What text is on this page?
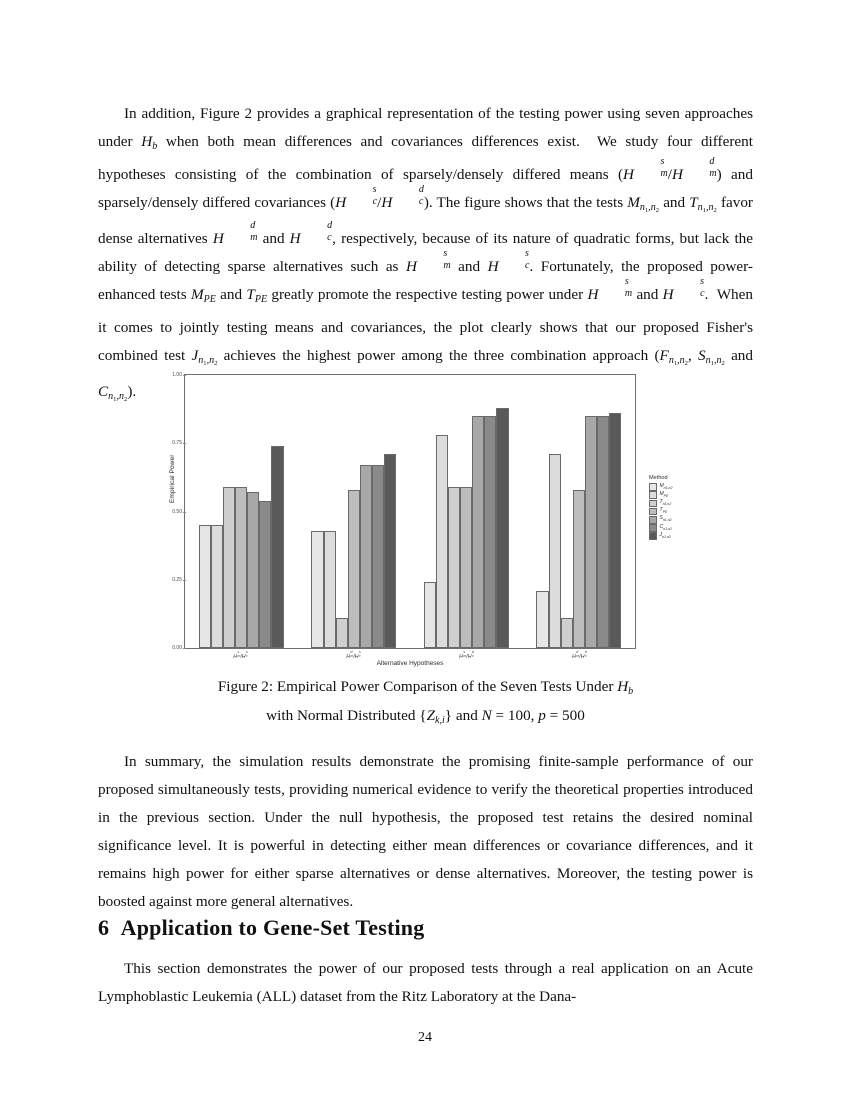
In addition, Figure 2 provides a graphical representation of the testing power using seven approaches under $H_b$ when both mean differences and covariances differences exist.  We study four different hypotheses consisting of the combination of sparsely/densely differed means (H
s
m /H
d
m ) and sparsely/densely differed covariances (H
s
c /H
d
c ). The figure shows that the tests $M_{n_1,n_2}$ and $T_{n_1,n_2}$ favor dense alternatives H
d
m and H
d
c , respectively, because of its nature of quadratic forms, but lack the ability of detecting sparse alternatives such as H
s
m and H
s
c . Fortunately, the proposed power-enhanced tests $M_{PE}$ and $T_{PE}$ greatly promote the respective testing power under H
s
m and H
s
c .  When it comes to jointly testing means and covariances, the plot clearly shows that our proposed Fisher's combined test $J_{n_1,n_2}$ achieves the highest power among the three combination approach ($F_{n_1,n_2}$, $S_{n_1,n_2}$ and $C_{n_1,n_2}$).

Empirical Power
0.00
0.25
0.50
0.75
1.00
H
s
m /H
s
c	H
d
m /H
s
c	H
s
m /H
d
c	H
d
m /H
d
c
Alternative Hypotheses
Method
$M_{n1,n2}$
$M_{PE}$
$T_{n1,n2}$
$T_{PE}$
$S_{n1,n2}$
$C_{n1,n2}$
$J_{n1,n2}$
Figure 2: Empirical Power Comparison of the Seven Tests Under $H_b$
with Normal Distributed $\{Z_{k,i}\}$ and N = 100, p = 500

In summary, the simulation results demonstrate the promising finite-sample performance of our proposed simultaneously tests, providing numerical evidence to verify the theoretical properties introduced in the previous section. Under the null hypothesis, the proposed test retains the desired nominal significance level. It is powerful in detecting either mean differences or covariance differences, and it remains high power for either sparse alternatives or dense alternatives. Moreover, the testing power is boosted against more general alternatives.

6 Application to Gene-Set Testing

This section demonstrates the power of our proposed tests through a real application on an Acute Lymphoblastic Leukemia (ALL) dataset from the Ritz Laboratory at the Dana-

24
